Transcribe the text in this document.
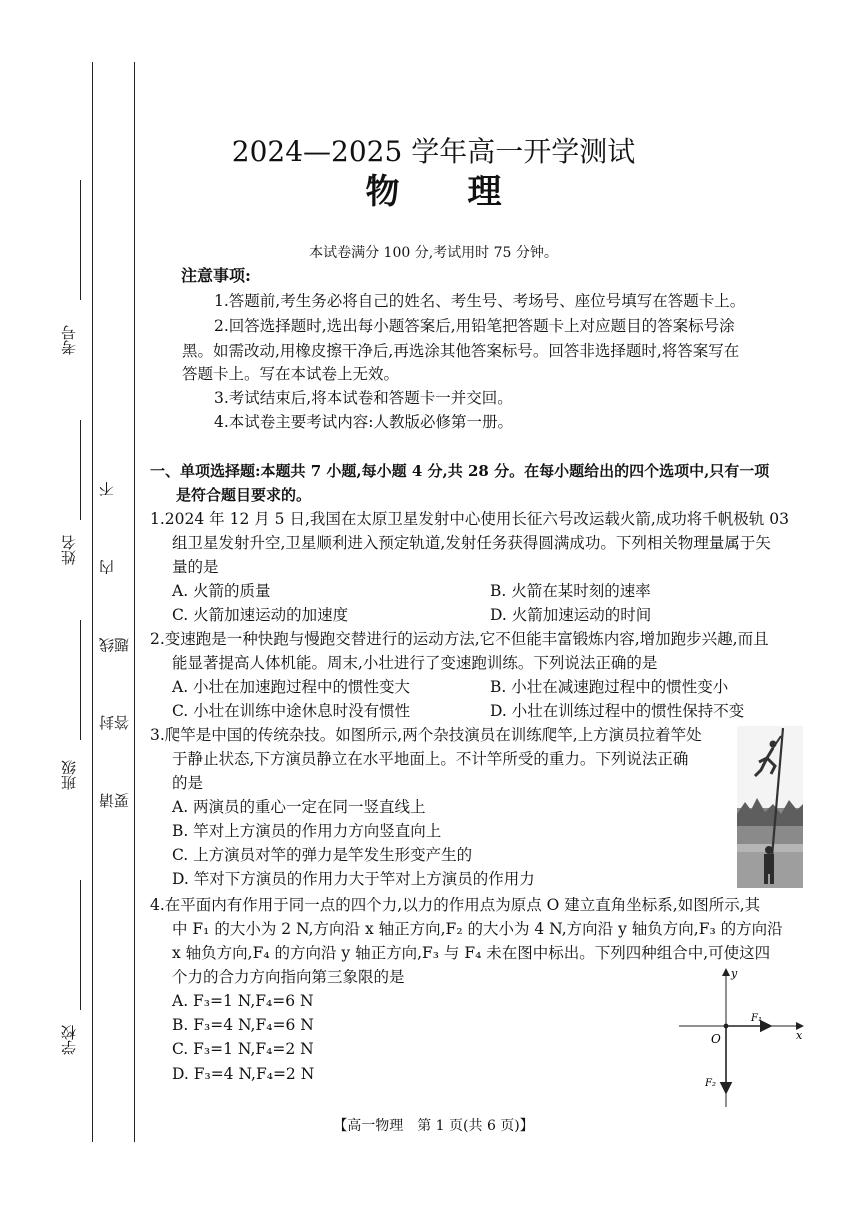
考号
姓名
班级
学校
请 封 线 内 不 要 答 题
2024—2025 学年高一开学测试
物　　理
本试卷满分 100 分,考试用时 75 分钟。
注意事项:
1.答题前,考生务必将自己的姓名、考生号、考场号、座位号填写在答题卡上。
2.回答选择题时,选出每小题答案后,用铅笔把答题卡上对应题目的答案标号涂
黑。如需改动,用橡皮擦干净后,再选涂其他答案标号。回答非选择题时,将答案写在
答题卡上。写在本试卷上无效。
3.考试结束后,将本试卷和答题卡一并交回。
4.本试卷主要考试内容:人教版必修第一册。
一、单项选择题:本题共 7 小题,每小题 4 分,共 28 分。在每小题给出的四个选项中,只有一项
是符合题目要求的。
1.2024 年 12 月 5 日,我国在太原卫星发射中心使用长征六号改运载火箭,成功将千帆极轨 03
组卫星发射升空,卫星顺利进入预定轨道,发射任务获得圆满成功。下列相关物理量属于矢
量的是
A. 火箭的质量	B. 火箭在某时刻的速率
C. 火箭加速运动的加速度	D. 火箭加速运动的时间
2.变速跑是一种快跑与慢跑交替进行的运动方法,它不但能丰富锻炼内容,增加跑步兴趣,而且
能显著提高人体机能。周末,小壮进行了变速跑训练。下列说法正确的是
A. 小壮在加速跑过程中的惯性变大	B. 小壮在减速跑过程中的惯性变小
C. 小壮在训练中途休息时没有惯性	D. 小壮在训练过程中的惯性保持不变
3.爬竿是中国的传统杂技。如图所示,两个杂技演员在训练爬竿,上方演员拉着竿处
于静止状态,下方演员静立在水平地面上。不计竿所受的重力。下列说法正确
的是
A. 两演员的重心一定在同一竖直线上
B. 竿对上方演员的作用力方向竖直向上
C. 上方演员对竿的弹力是竿发生形变产生的
D. 竿对下方演员的作用力大于竿对上方演员的作用力
4.在平面内有作用于同一点的四个力,以力的作用点为原点 O 建立直角坐标系,如图所示,其
中 F₁ 的大小为 2 N,方向沿 x 轴正方向,F₂ 的大小为 4 N,方向沿 y 轴负方向,F₃ 的方向沿
x 轴负方向,F₄ 的方向沿 y 轴正方向,F₃ 与 F₄ 未在图中标出。下列四种组合中,可使这四
个力的合力方向指向第三象限的是
A. F₃=1 N,F₄=6 N
B. F₃=4 N,F₄=6 N
C. F₃=1 N,F₄=2 N
D. F₃=4 N,F₄=2 N
y
x
O
F₁
F₂
【高一物理　第 1 页(共 6 页)】
